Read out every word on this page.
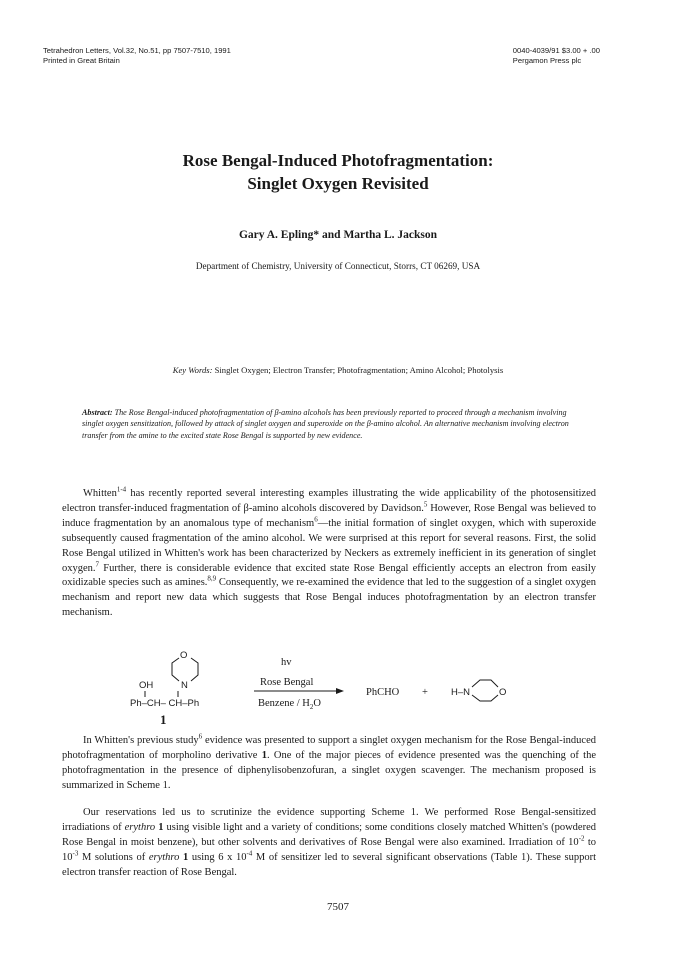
Tetrahedron Letters, Vol.32, No.51, pp 7507-7510, 1991
Printed in Great Britain
0040-4039/91 $3.00 + .00
Pergamon Press plc
Rose Bengal-Induced Photofragmentation:
Singlet Oxygen Revisited
Gary A. Epling* and Martha L. Jackson
Department of Chemistry, University of Connecticut, Storrs, CT 06269, USA
Key Words: Singlet Oxygen; Electron Transfer; Photofragmentation; Amino Alcohol; Photolysis
Abstract: The Rose Bengal-induced photofragmentation of β-amino alcohols has been previously reported to proceed through a mechanism involving singlet oxygen sensitization, followed by attack of singlet oxygen and superoxide on the β-amino alcohol. An alternative mechanism involving electron transfer from the amine to the excited state Rose Bengal is supported by new evidence.

Whitten$^{1-4}$ has recently reported several interesting examples illustrating the wide applicability of the photosensitized electron transfer-induced fragmentation of β-amino alcohols discovered by Davidson.$^5$ However, Rose Bengal was believed to induce fragmentation by an anomalous type of mechanism$^6$—the initial formation of singlet oxygen, which with superoxide subsequently caused fragmentation of the amino alcohol. We were surprised at this report for several reasons. First, the solid Rose Bengal utilized in Whitten's work has been characterized by Neckers as extremely inefficient in its generation of singlet oxygen.$^7$ Further, there is considerable evidence that excited state Rose Bengal efficiently accepts an electron from easily oxidizable species such as amines.$^{8,9}$ Consequently, we re-examined the evidence that led to the suggestion of a singlet oxygen mechanism and report new data which suggests that Rose Bengal induces photofragmentation by an electron transfer mechanism.

O
N
OH
Ph–CH– CH–Ph
1
hv
Rose Bengal
Benzene / $H_2O$
PhCHO + H–N	O

In Whitten's previous study$^6$ evidence was presented to support a singlet oxygen mechanism for the Rose Bengal-induced photofragmentation of morpholino derivative 1. One of the major pieces of evidence presented was the quenching of the photofragmentation in the presence of diphenylisobenzofuran, a singlet oxygen scavenger. The mechanism proposed is summarized in Scheme 1.

Our reservations led us to scrutinize the evidence supporting Scheme 1. We performed Rose Bengal-sensitized irradiations of erythro 1 using visible light and a variety of conditions; some conditions closely matched Whitten's (powdered Rose Bengal in moist benzene), but other solvents and derivatives of Rose Bengal were also examined. Irradiation of $10^{-2}$ to $10^{-3}$ M solutions of erythro 1 using 6 x $10^{-4}$ M of sensitizer led to several significant observations (Table 1). These support electron transfer reaction of Rose Bengal.

7507
